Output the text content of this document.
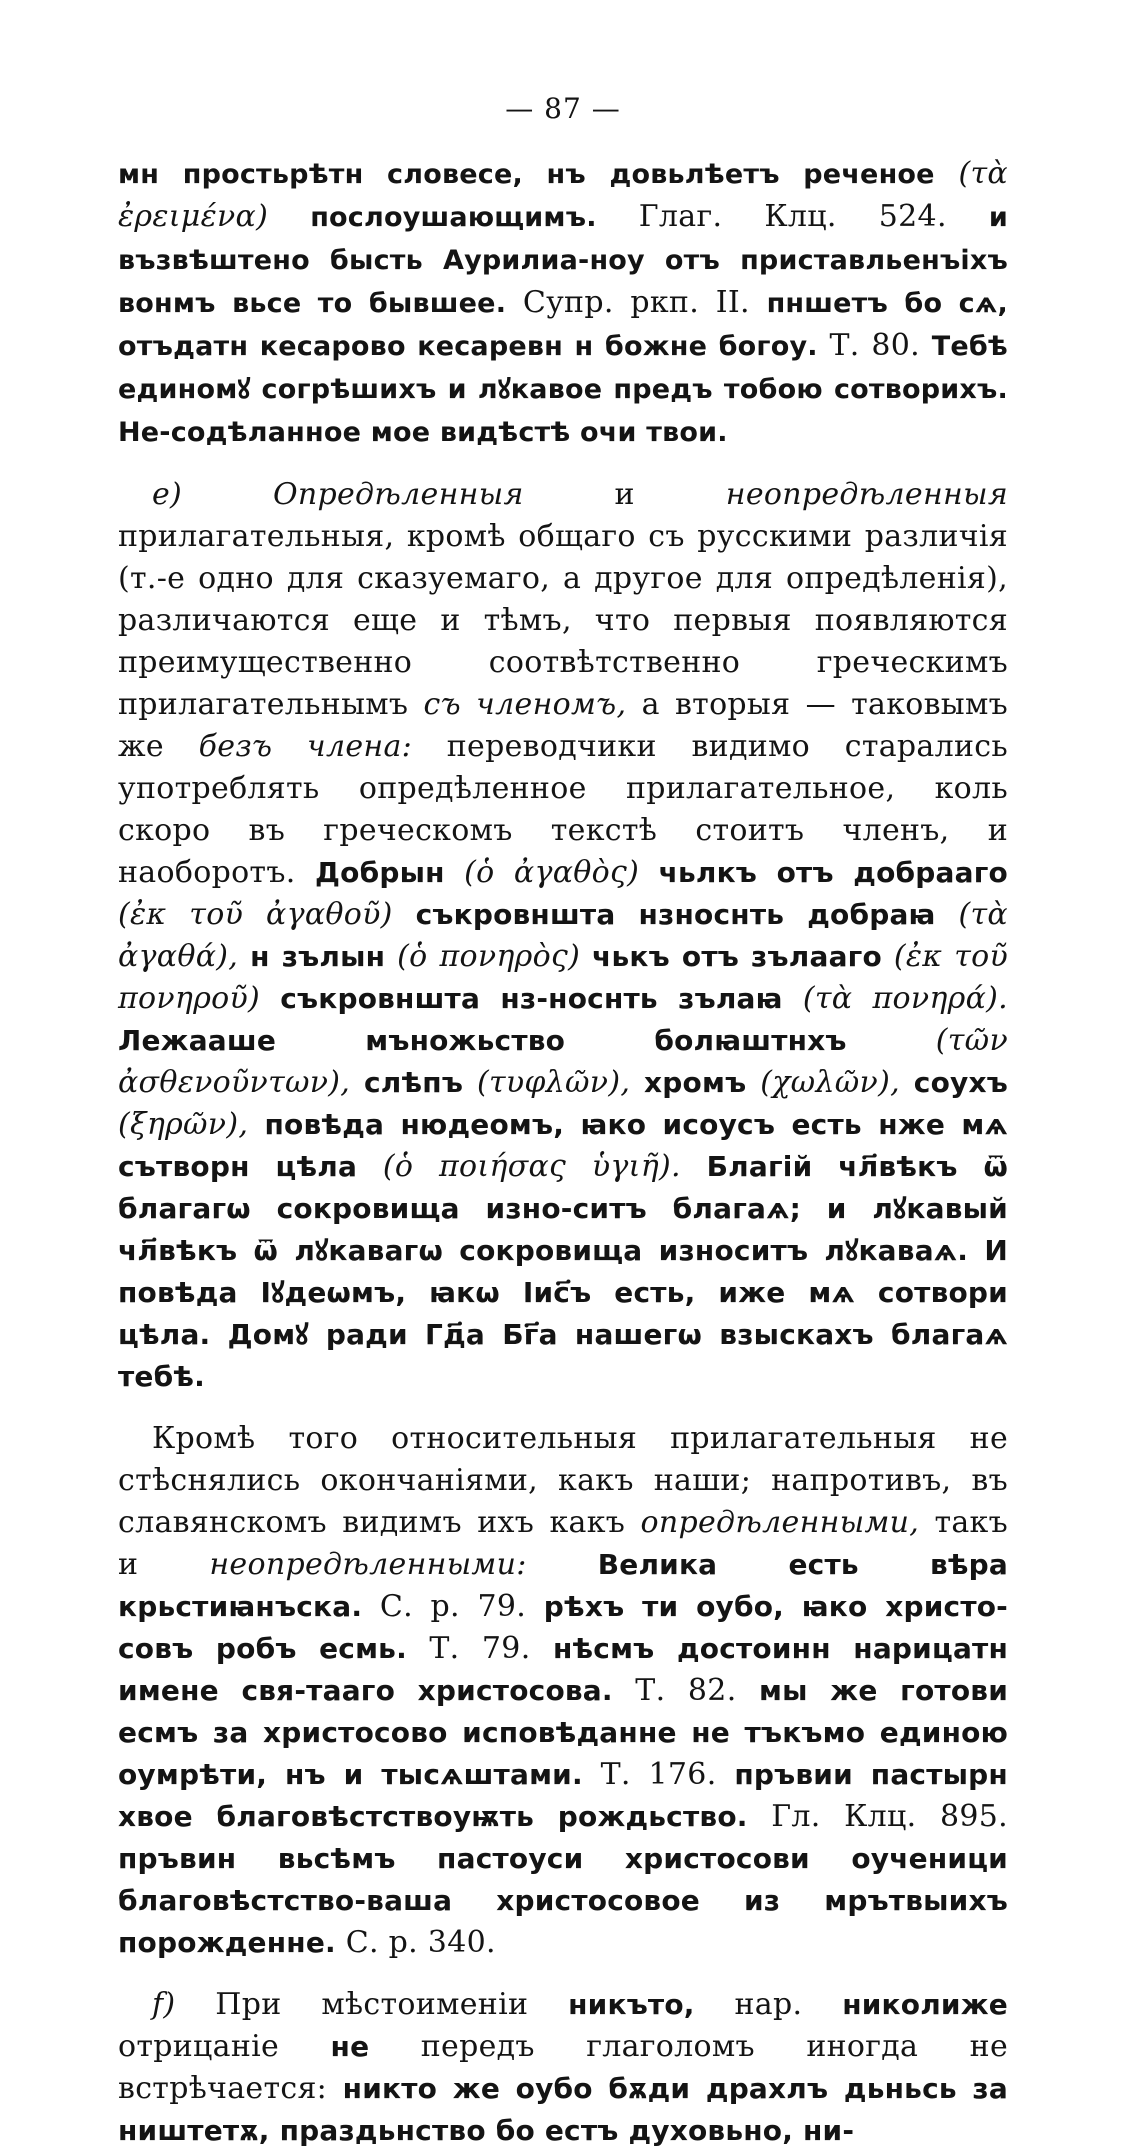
— 87 —

мн простьрѣтн словесе, нъ довьлѣетъ реченое (τὰ ἐρειμένα) послоушающимъ. Глаг. Клц. 524. и възвѣштено бысть Аурилиа-ноу отъ приставльенъіхъ вонмъ вьсе то бывшее. Супр. ркп. II. пншетъ бо сѧ, отъдатн кесарово кесаревн н божне богоу. Т. 80. Тебѣ единомꙋ согрѣшихъ и лꙋкавое предъ тобою сотворихъ. Не-содѣланное мое видѣстѣ очи твои.

e)	Опредѣленныя	и	неопредѣленныя прилагательныя, кромѣ общаго съ русскими различія (т.-е одно для сказуемаго, а другое для опредѣленія), различаются еще и тѣмъ, что первыя появляются преимущественно соотвѣтственно греческимъ прилагательнымъ съ членомъ, а вторыя — таковымъ же безъ члена: переводчики видимо старались употреблять опредѣленное прилагательное, коль скоро въ греческомъ текстѣ стоитъ членъ, и наоборотъ. Добрын (ὁ ἀγαθὸς) чьлкъ отъ добрааго (ἐκ τοῦ ἀγαθοῦ) съкровншта нзноснть добраꙗ (τὰ ἀγαθά), н зълын (ὁ πονηρὸς) чькъ отъ зълааго (ἐκ τοῦ πονηροῦ) съкровншта нз-носнть зълаꙗ (τὰ πονηρά). Лежааше мъножьство болꙗштнхъ	(τῶν ἀσθενοῦντων), слѣпъ (τυφλῶν), хромъ (χωλῶν), соухъ (ξηρῶν), повѣда нюдеомъ, ꙗко исоусъ есть нже мѧ сътворн цѣла (ὁ ποιήσας ὑγιῆ). Благій чл҃вѣкъ ѿ благагѡ сокровища изно-ситъ благаѧ; и лꙋкавый чл҃вѣкъ ѿ лꙋкавагѡ сокровища износитъ лꙋкаваѧ. И повѣда Іꙋдеѡмъ, ꙗкѡ Іис҃ъ есть, иже мѧ сотвори цѣла. Домꙋ ради Гд҃а Бг҃а нашегѡ взыскахъ благаѧ тебѣ.

Кромѣ того относительныя прилагательныя не стѣснялись окончаніями, какъ наши; напротивъ, въ славянскомъ видимъ ихъ какъ опредѣленными, такъ и неопредѣленными:	Велика есть вѣра крьстиꙗнъска. С. р. 79. рѣхъ ти оубо, ꙗко христо-совъ робъ есмь. Т. 79. нѣсмъ достоинн нарицатн имене свя-тааго христосова. Т. 82. мы же готови есмъ за христосово исповѣданне не тъкъмо единою оумрѣти, нъ и тысѧштами. Т. 176. пръвии пастырн хвое благовѣстствоуѭть рождьство. Гл. Клц. 895. пръвин вьсѣмъ пастоуси христосови оученици благовѣстство-ваша христосовое из мрътвыихъ порожденне. С. р. 340.

f) При мѣстоименіи никъто, нар. николиже отрицаніе не передъ глаголомъ иногда не встрѣчается: никто же оубо бѫди драхлъ дьньсь за ништетѫ, праздьнство бо естъ духовьно, ни-
